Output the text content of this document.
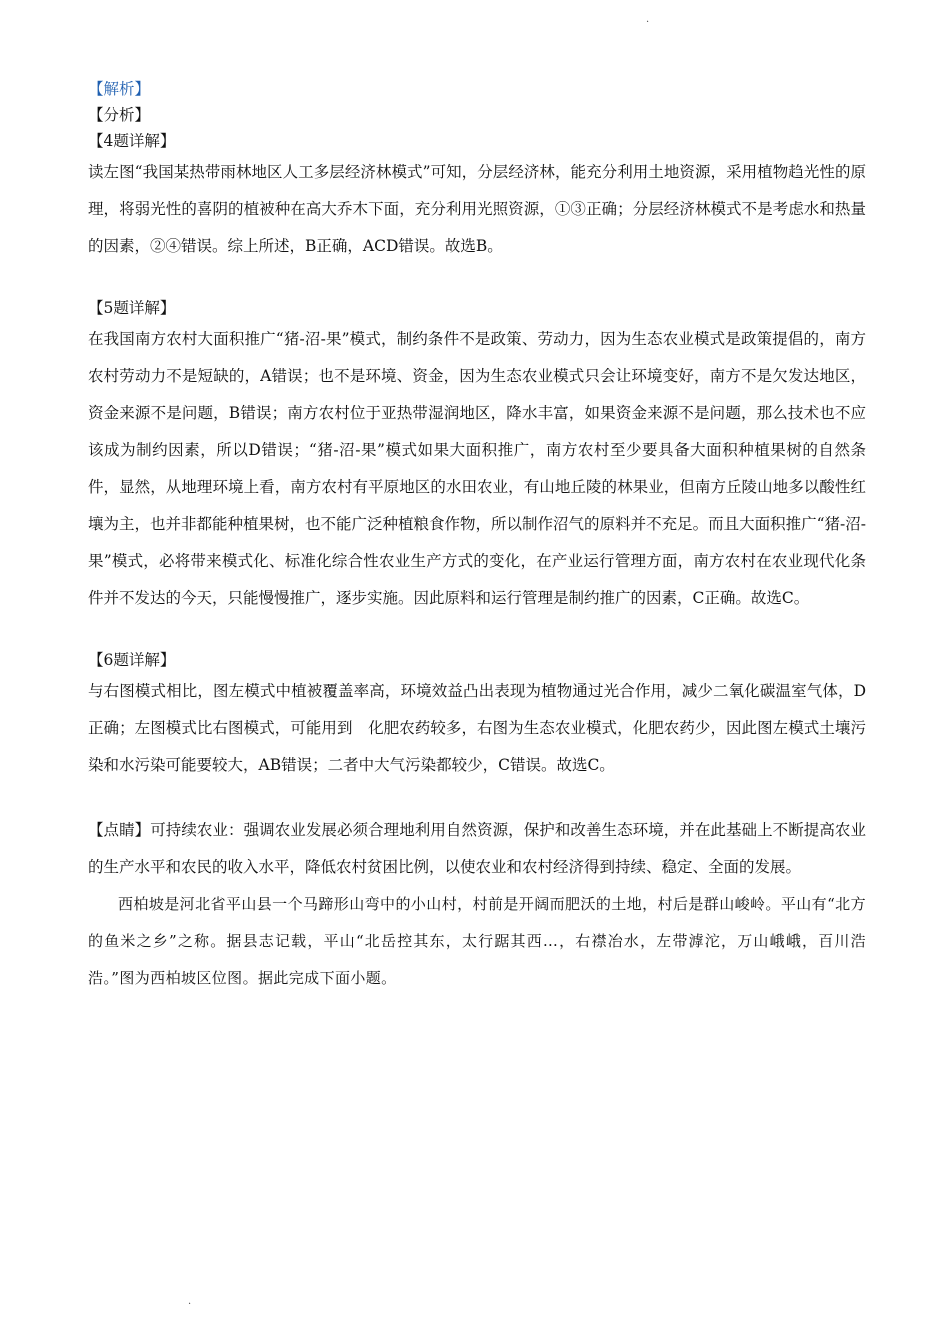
·
【解析】
【分析】
【4题详解】

读左图“我国某热带雨林地区人工多层经济林模式”可知，分层经济林，能充分利用土地资源，采用植物趋光性的原理，将弱光性的喜阴的植被种在高大乔木下面，充分利用光照资源，①③正确；分层经济林模式不是考虑水和热量的因素，②④错误。综上所述，B正确，ACD错误。故选B。

【5题详解】

在我国南方农村大面积推广“猪-沼-果”模式，制约条件不是政策、劳动力，因为生态农业模式是政策提倡的，南方农村劳动力不是短缺的，A错误；也不是环境、资金，因为生态农业模式只会让环境变好，南方不是欠发达地区，资金来源不是问题，B错误；南方农村位于亚热带湿润地区，降水丰富，如果资金来源不是问题，那么技术也不应该成为制约因素，所以D错误；“猪-沼-果”模式如果大面积推广，南方农村至少要具备大面积种植果树的自然条件，显然，从地理环境上看，南方农村有平原地区的水田农业，有山地丘陵的林果业，但南方丘陵山地多以酸性红壤为主，也并非都能种植果树，也不能广泛种植粮食作物，所以制作沼气的原料并不充足。而且大面积推广“猪-沼-果”模式，必将带来模式化、标准化综合性农业生产方式的变化，在产业运行管理方面，南方农村在农业现代化条件并不发达的今天，只能慢慢推广，逐步实施。因此原料和运行管理是制约推广的因素，C正确。故选C。

【6题详解】

与右图模式相比，图左模式中植被覆盖率高，环境效益凸出表现为植物通过光合作用，减少二氧化碳温室气体，D正确；左图模式比右图模式，可能用到　化肥农药较多，右图为生态农业模式，化肥农药少，因此图左模式土壤污染和水污染可能要较大，AB错误；二者中大气污染都较少，C错误。故选C。

【点睛】可持续农业：强调农业发展必须合理地利用自然资源，保护和改善生态环境，并在此基础上不断提高农业的生产水平和农民的收入水平，降低农村贫困比例，以使农业和农村经济得到持续、稳定、全面的发展。

西柏坡是河北省平山县一个马蹄形山弯中的小山村，村前是开阔而肥沃的土地，村后是群山峻岭。平山有“北方的鱼米之乡”之称。据县志记载，平山“北岳控其东，太行踞其西…，右襟冶水，左带滹沱，万山峨峨，百川浩浩。”图为西柏坡区位图。据此完成下面小题。

·
